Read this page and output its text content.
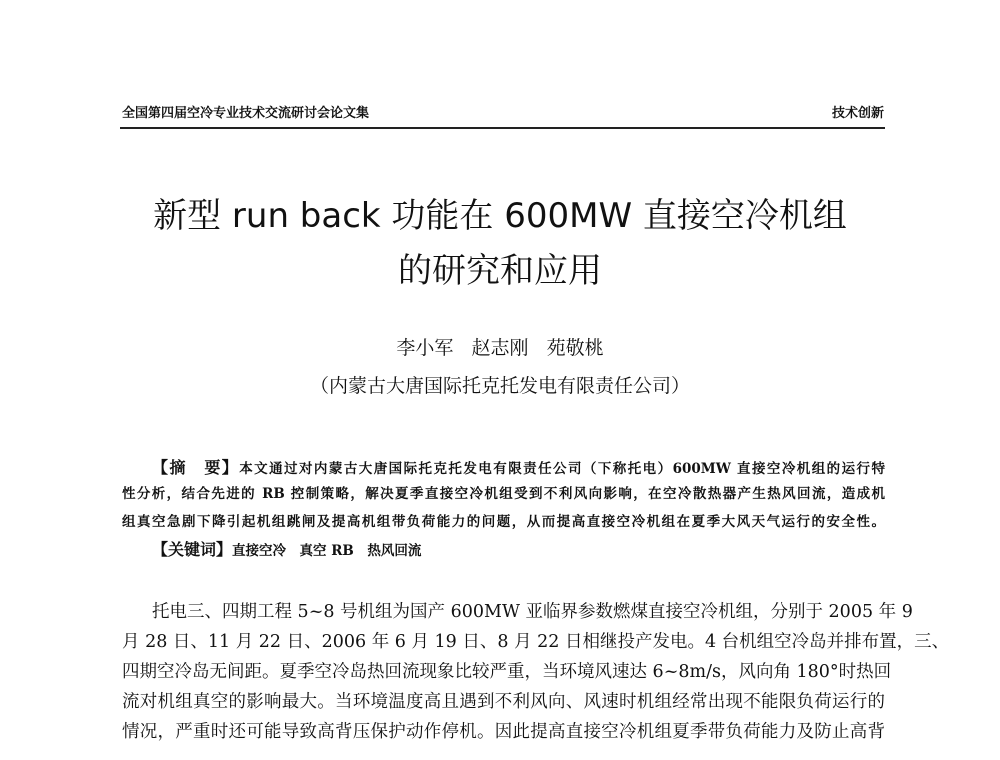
全国第四届空冷专业技术交流研讨会论文集	技术创新
新型 run back 功能在 600MW 直接空冷机组
的研究和应用
李小军   赵志刚   苑敬桃
（内蒙古大唐国际托克托发电有限责任公司）
【摘　要】本文通过对内蒙古大唐国际托克托发电有限责任公司（下称托电）600MW 直接空冷机组的运行特
性分析，结合先进的 RB 控制策略，解决夏季直接空冷机组受到不利风向影响，在空冷散热器产生热风回流，造成机
组真空急剧下降引起机组跳闸及提高机组带负荷能力的问题，从而提高直接空冷机组在夏季大风天气运行的安全性。
【关键词】直接空冷　真空 RB　热风回流
托电三、四期工程 5~8 号机组为国产 600MW 亚临界参数燃煤直接空冷机组，分别于 2005 年 9
月 28 日、11 月 22 日、2006 年 6 月 19 日、8 月 22 日相继投产发电。4 台机组空冷岛并排布置，三、
四期空冷岛无间距。夏季空冷岛热回流现象比较严重，当环境风速达 6~8m/s，风向角 180°时热回
流对机组真空的影响最大。当环境温度高且遇到不利风向、风速时机组经常出现不能限负荷运行的
情况，严重时还可能导致高背压保护动作停机。因此提高直接空冷机组夏季带负荷能力及防止高背
